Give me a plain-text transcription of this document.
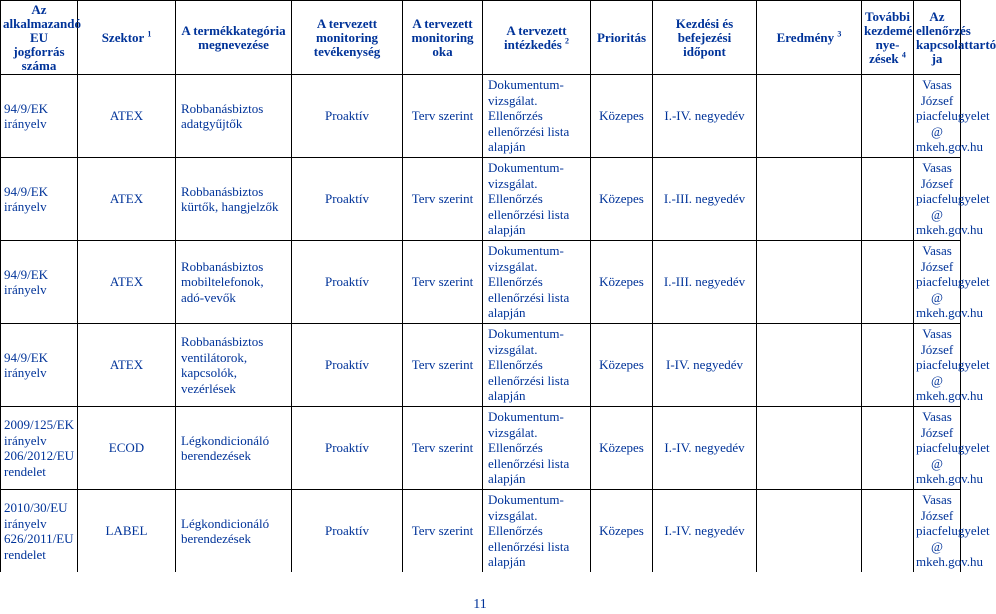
Az alkalmazandó EU jogforrás száma	Szektor $^1$	A termékkategória megnevezése	A tervezett monitoring tevékenység	A tervezett monitoring oka	A tervezett intézkedés $^2$	Prioritás	Kezdési és befejezési időpont	Eredmény $^3$	További kezdemé nye-zések $^4$	Az ellenőrzés kapcsolattartó ja
94/9/EK irányelv	ATEX	Robbanásbiztos adatgyűjtők	Proaktív	Terv szerint	Dokumentum-vizsgálat. Ellenőrzés ellenőrzési lista alapján	Közepes	I.-IV. negyedév			Vasas József piacfelugyelet @ mkeh.gov.hu
94/9/EK irányelv	ATEX	Robbanásbiztos kürtők, hangjelzők	Proaktív	Terv szerint	Dokumentum-vizsgálat. Ellenőrzés ellenőrzési lista alapján	Közepes	I.-III. negyedév			Vasas József piacfelugyelet @ mkeh.gov.hu
94/9/EK irányelv	ATEX	Robbanásbiztos mobiltelefonok, adó-vevők	Proaktív	Terv szerint	Dokumentum-vizsgálat. Ellenőrzés ellenőrzési lista alapján	Közepes	I.-III. negyedév			Vasas József piacfelugyelet @ mkeh.gov.hu
94/9/EK irányelv	ATEX	Robbanásbiztos ventilátorok, kapcsolók, vezérlések	Proaktív	Terv szerint	Dokumentum-vizsgálat. Ellenőrzés ellenőrzési lista alapján	Közepes	I-IV. negyedév			Vasas József piacfelugyelet @ mkeh.gov.hu
2009/125/EK irányelv 206/2012/EU rendelet	ECOD	Légkondicionáló berendezések	Proaktív	Terv szerint	Dokumentum-vizsgálat. Ellenőrzés ellenőrzési lista alapján	Közepes	I.-IV. negyedév			Vasas József piacfelugyelet @ mkeh.gov.hu
2010/30/EU irányelv 626/2011/EU rendelet	LABEL	Légkondicionáló berendezések	Proaktív	Terv szerint	Dokumentum-vizsgálat. Ellenőrzés ellenőrzési lista alapján	Közepes	I.-IV. negyedév			Vasas József piacfelugyelet @ mkeh.gov.hu
11
